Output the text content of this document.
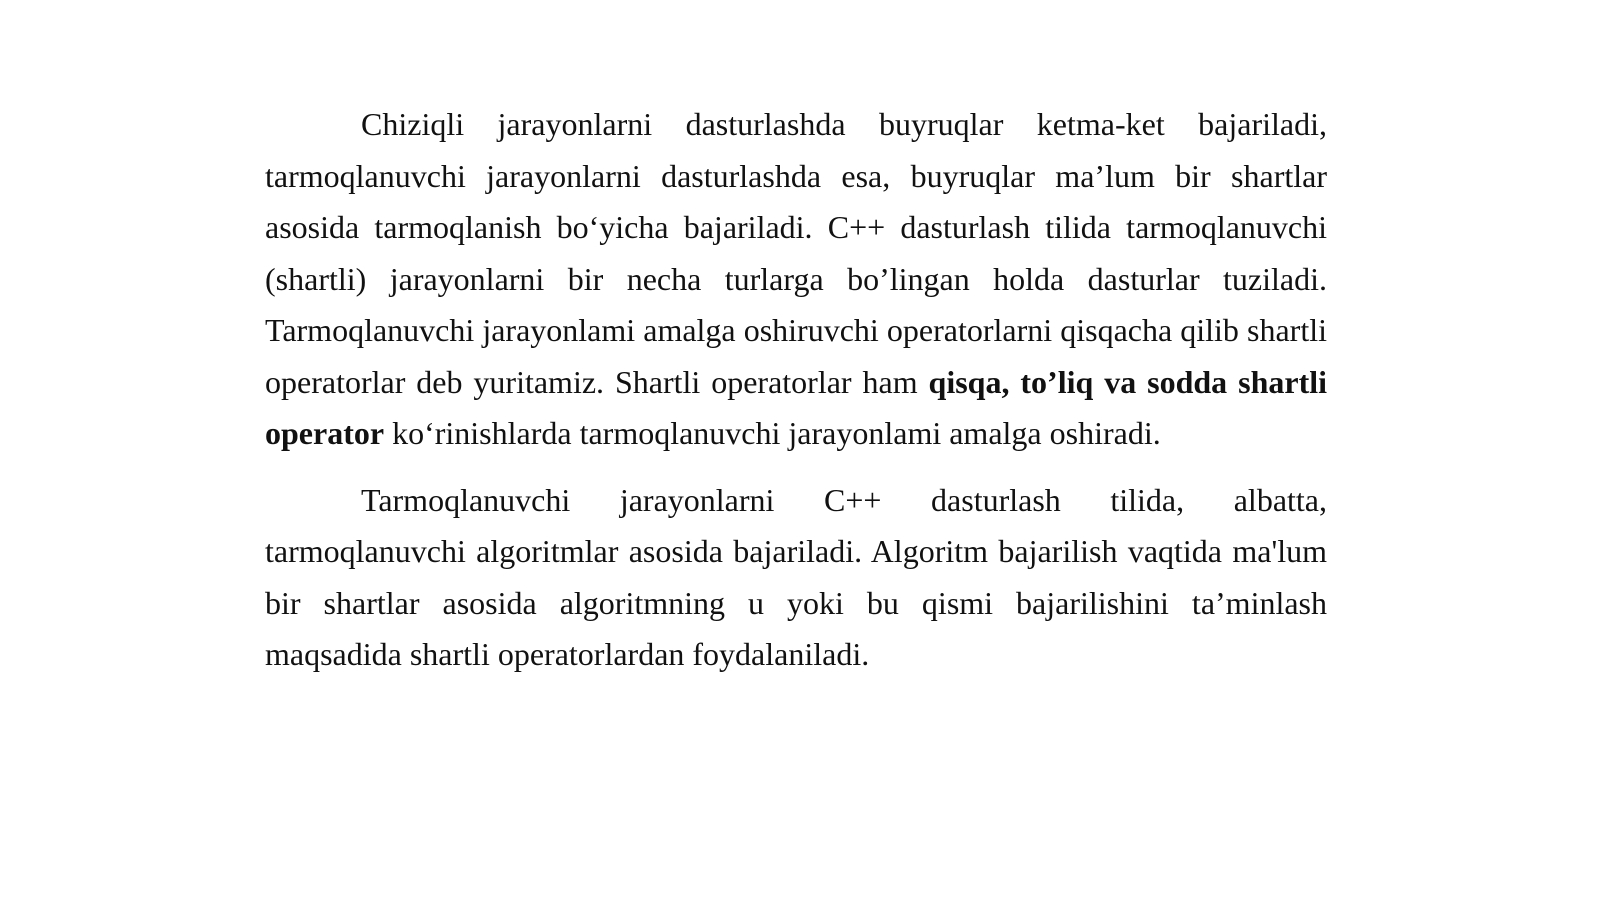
Chiziqli jarayonlarni dasturlashda buyruqlar ketma-ket bajariladi, tarmoqlanuvchi jarayonlarni dasturlashda esa, buyruqlar ma’lum bir shartlar asosida tarmoqlanish bo‘yicha bajariladi. C++ dasturlash tilida tarmoqlanuvchi (shartli) jarayonlarni bir necha turlarga bo’lingan holda dasturlar tuziladi. Tarmoqlanuvchi jarayonlami amalga oshiruvchi operatorlarni qisqacha qilib shartli operatorlar deb yuritamiz. Shartli operatorlar ham qisqa, to’liq va sodda shartli operator ko‘rinishlarda tarmoqlanuvchi jarayonlami amalga oshiradi.

Tarmoqlanuvchi jarayonlarni C++ dasturlash tilida, albatta, tarmoqlanuvchi algoritmlar asosida bajariladi. Algoritm bajarilish vaqtida ma'lum bir shartlar asosida algoritmning u yoki bu qismi bajarilishini ta’minlash maqsadida shartli operatorlardan foydalaniladi.
